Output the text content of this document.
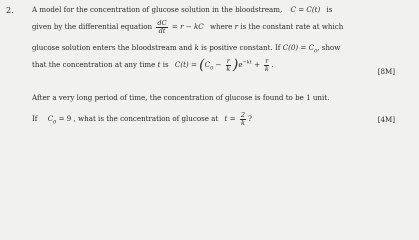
2.	A model for the concentration of glucose solution in the bloodstream, C = C(t) is
given by the differential equation $\frac{dC}{dt} = r$ − kC where r is the constant rate at which
glucose solution enters the bloodstream and k is positive constant. If $C(0) = C_0$, show
that the concentration at any time t is $C(t) = (C_0 - \frac{r}{k} )e^{-kt} + \frac{r}{k}$ .
[8M]
After a very long period of time, the concentration of glucose is found to be 1 unit.
If $C_0 = 9$ , what is the concentration of glucose at $t = \frac{2}{k}$ ?	[4M]
